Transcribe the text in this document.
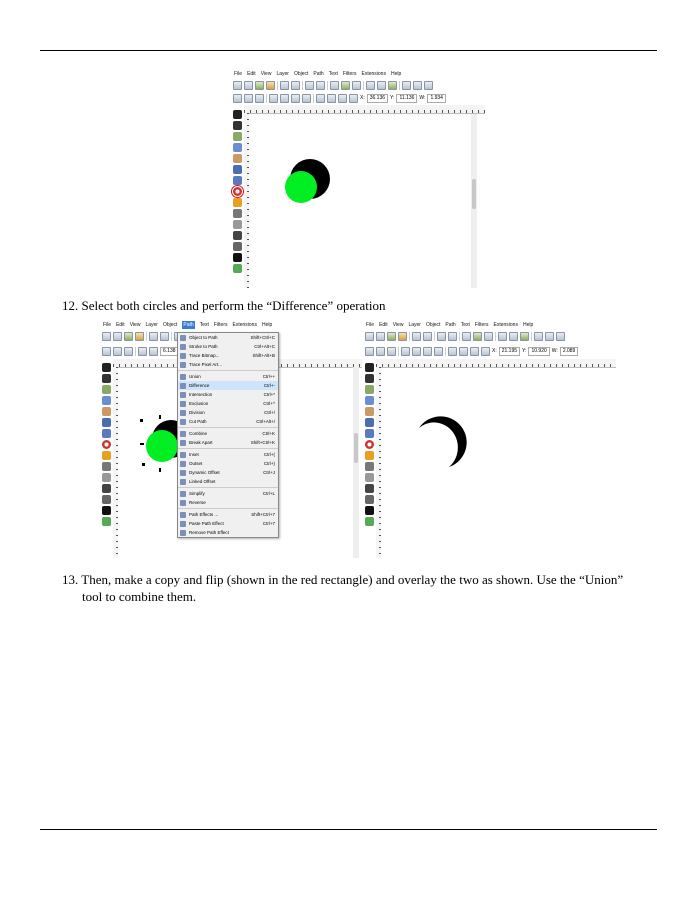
File Edit View Layer Object Path Text Filters Extensions Help
X:	36.136	Y:	11.136	W:	1.934
12. Select both circles and perform the “Difference” operation
File Edit View Layer Object Path Text Filters Extensions Help
6.138
Object to Path	Shift+Ctrl+C
Stroke to Path	Ctrl+Alt+C
Trace Bitmap...	Shift+Alt+B
Trace Pixel Art...
Union	Ctrl++
Difference	Ctrl+-
Intersection	Ctrl+*
Exclusion	Ctrl+^
Division	Ctrl+/
Cut Path	Ctrl+Alt+/
Combine	Ctrl+K
Break Apart	Shift+Ctrl+K
Inset	Ctrl+(
Outset	Ctrl+)
Dynamic Offset	Ctrl+J
Linked Offset
Simplify	Ctrl+L
Reverse
Path Effects ...	Shift+Ctrl+7
Paste Path Effect	Ctrl+7
Remove Path Effect
File Edit View Layer Object Path Text Filters Extensions Help
X:	21.195	Y:	10.920	W:	2.089
13. Then, make a copy and flip (shown in the red rectangle) and overlay the two as shown. Use the “Union”
tool to combine them.
